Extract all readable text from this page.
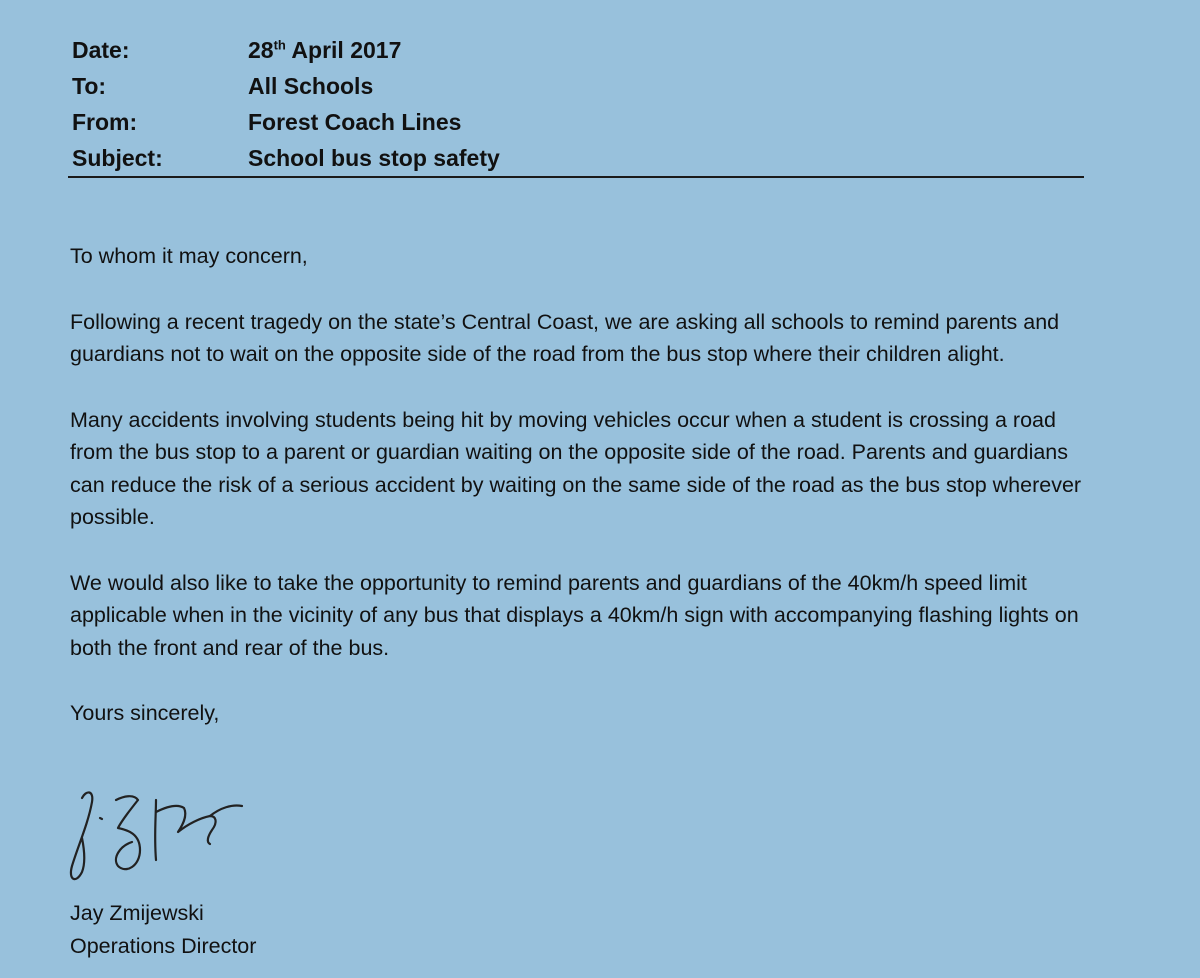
Date:	28th April 2017
To:	All Schools
From:	Forest Coach Lines
Subject:	School bus stop safety

To whom it may concern,

Following a recent tragedy on the state’s Central Coast, we are asking all schools to remind parents and guardians not to wait on the opposite side of the road from the bus stop where their children alight.

Many accidents involving students being hit by moving vehicles occur when a student is crossing a road from the bus stop to a parent or guardian waiting on the opposite side of the road. Parents and guardians can reduce the risk of a serious accident by waiting on the same side of the road as the bus stop wherever possible.

We would also like to take the opportunity to remind parents and guardians of the 40km/h speed limit applicable when in the vicinity of any bus that displays a 40km/h sign with accompanying flashing lights on both the front and rear of the bus.

Yours sincerely,

Jay Zmijewski
Operations Director
